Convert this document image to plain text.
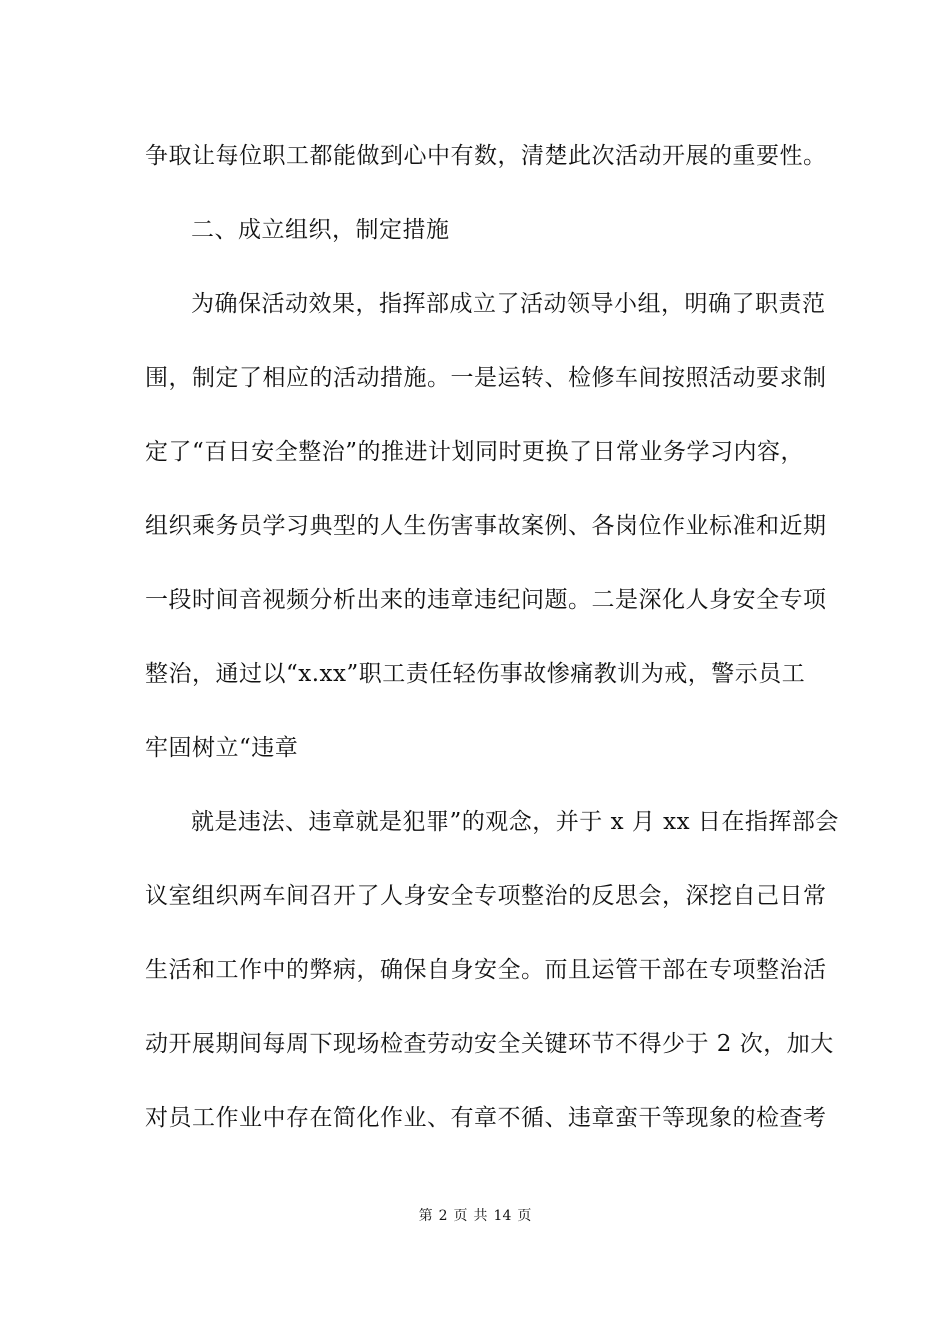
争取让每位职工都能做到心中有数，清楚此次活动开展的重要性。
二、成立组织，制定措施
为确保活动效果，指挥部成立了活动领导小组，明确了职责范
围，制定了相应的活动措施。一是运转、检修车间按照活动要求制
定了“百日安全整治”的推进计划同时更换了日常业务学习内容，
组织乘务员学习典型的人生伤害事故案例、各岗位作业标准和近期
一段时间音视频分析出来的违章违纪问题。二是深化人身安全专项
整治，通过以“x.xx”职工责任轻伤事故惨痛教训为戒，警示员工
牢固树立“违章
就是违法、违章就是犯罪”的观念，并于 x 月 xx 日在指挥部会
议室组织两车间召开了人身安全专项整治的反思会，深挖自己日常
生活和工作中的弊病，确保自身安全。而且运管干部在专项整治活
动开展期间每周下现场检查劳动安全关键环节不得少于 2 次，加大
对员工作业中存在简化作业、有章不循、违章蛮干等现象的检查考
第 2 页 共 14 页
